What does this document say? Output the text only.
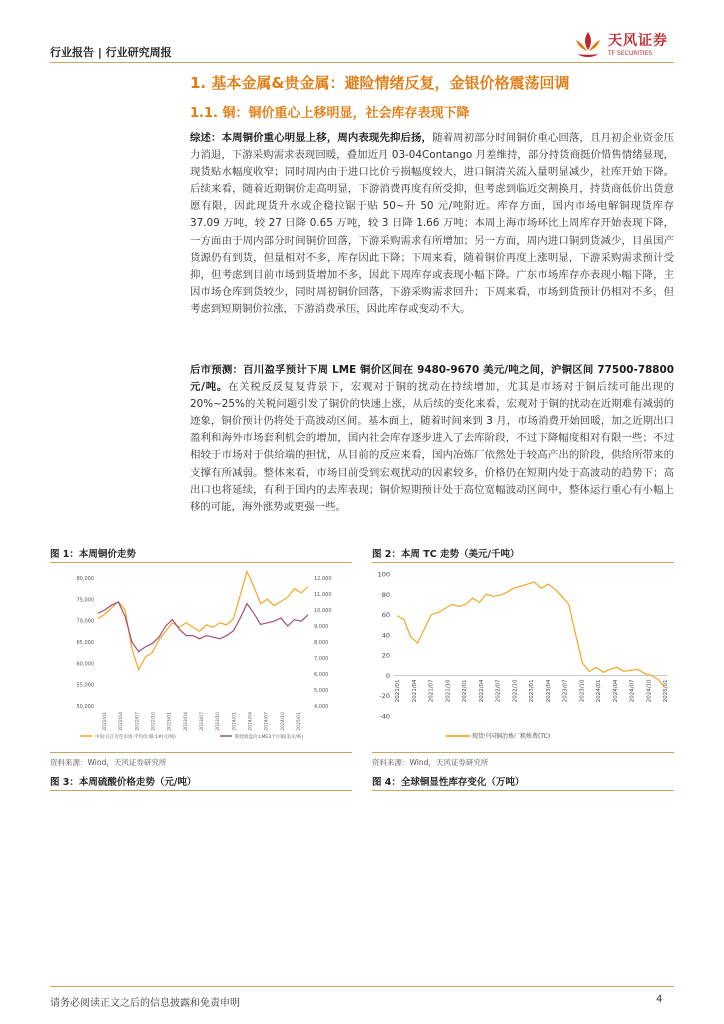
行业报告 | 行业研究周报
天风证券
TF SECURITIES
1. 基本金属&贵金属：避险情绪反复，金银价格震荡回调
1.1. 铜：铜价重心上移明显，社会库存表现下降

综述：本周铜价重心明显上移，周内表现先抑后扬，随着周初部分时间铜价重心回落，且月初企业资金压力消退，下游采购需求表现回暖，叠加近月 03-04Contango 月差维持，部分持货商挺价惜售情绪显现，现货贴水幅度收窄；同时周内由于进口比价亏损幅度较大，进口铜清关流入量明显减少，社库开始下降。后续来看，随着近期铜价走高明显，下游消费再度有所受抑，但考虑到临近交割换月，持货商低价出货意愿有限，因此现货升水或企稳拉锯于贴 50~升 50 元/吨附近。库存方面，国内市场电解铜现货库存 37.09 万吨，较 27 日降 0.65 万吨，较 3 日降 1.66 万吨；本周上海市场环比上周库存开始表现下降，一方面由于周内部分时间铜价回落，下游采购需求有所增加；另一方面，周内进口铜到货减少，目虽国产货源仍有到货，但量相对不多，库存因此下降；下周来看，随着铜价再度上涨明显，下游采购需求预计受抑，但考虑到目前市场到货增加不多，因此下周库存或表现小幅下降。广东市场库存亦表现小幅下降，主因市场仓库到货较少，同时周初铜价回落，下游采购需求回升；下周来看，市场到货预计仍相对不多，但考虑到短期铜价拉涨，下游消费承压，因此库存或变动不大。

后市预测：百川盈孚预计下周 LME 铜价区间在 9480-9670 美元/吨之间，沪铜区间 77500-78800 元/吨。在关税反反复复背景下，宏观对于铜的扰动在持续增加，尤其是市场对于铜后续可能出现的 20%~25%的关税问题引发了铜价的快速上涨，从后续的变化来看，宏观对于铜的扰动在近期难有减弱的迹象，铜价预计仍将处于高波动区间。基本面上，随着时间来到 3 月，市场消费开始回暖，加之近期出口盈利和海外市场套利机会的增加，国内社会库存逐步进入了去库阶段，不过下降幅度相对有限一些；不过相较于市场对于供给端的担忧，从目前的反应来看，国内冶炼厂依然处于较高产出的阶段，供给所带来的支撑有所减弱。整体来看，市场目前受到宏观扰动的因素较多，价格仍在短期内处于高波动的趋势下；高出口也将延续，有利于国内的去库表现；铜价短期预计处于高位宽幅波动区间中，整体运行重心有小幅上移的可能，海外涨势或更强一些。

图 1：本周铜价走势
80,000
75,000
70,000
65,000
60,000
55,000
50,000
12,000
11,000
10,000
9,000
8,000
7,000
6,000
5,000
4,000
2022/01 2022/04 2022/07 2022/10 2023/01 2023/04 2023/07 2023/10 2024/01 2024/04 2024/07 2024/10 2025/01
中国:长江有色市场:平均价:铜:1#(元/吨)	期货收盘价:LME3个月铜(美元/吨)
资料来源：Wind，天风证券研究所
图 2：本周 TC 走势（美元/千吨）
100
80
60
40
20
0
-20
-40
2021/01 2021/04 2021/07 2021/10 2022/01 2022/04 2022/07 2022/10 2023/01 2023/04 2023/07 2023/10 2024/01 2024/04 2024/07 2024/10 2025/01
现货中国铜冶炼厂粗炼费(TC)
资料来源：Wind，天风证券研究所
图 3：本周硫酸价格走势（元/吨）	图 4：全球铜显性库存变化（万吨）
请务必阅读正文之后的信息披露和免责申明	4
